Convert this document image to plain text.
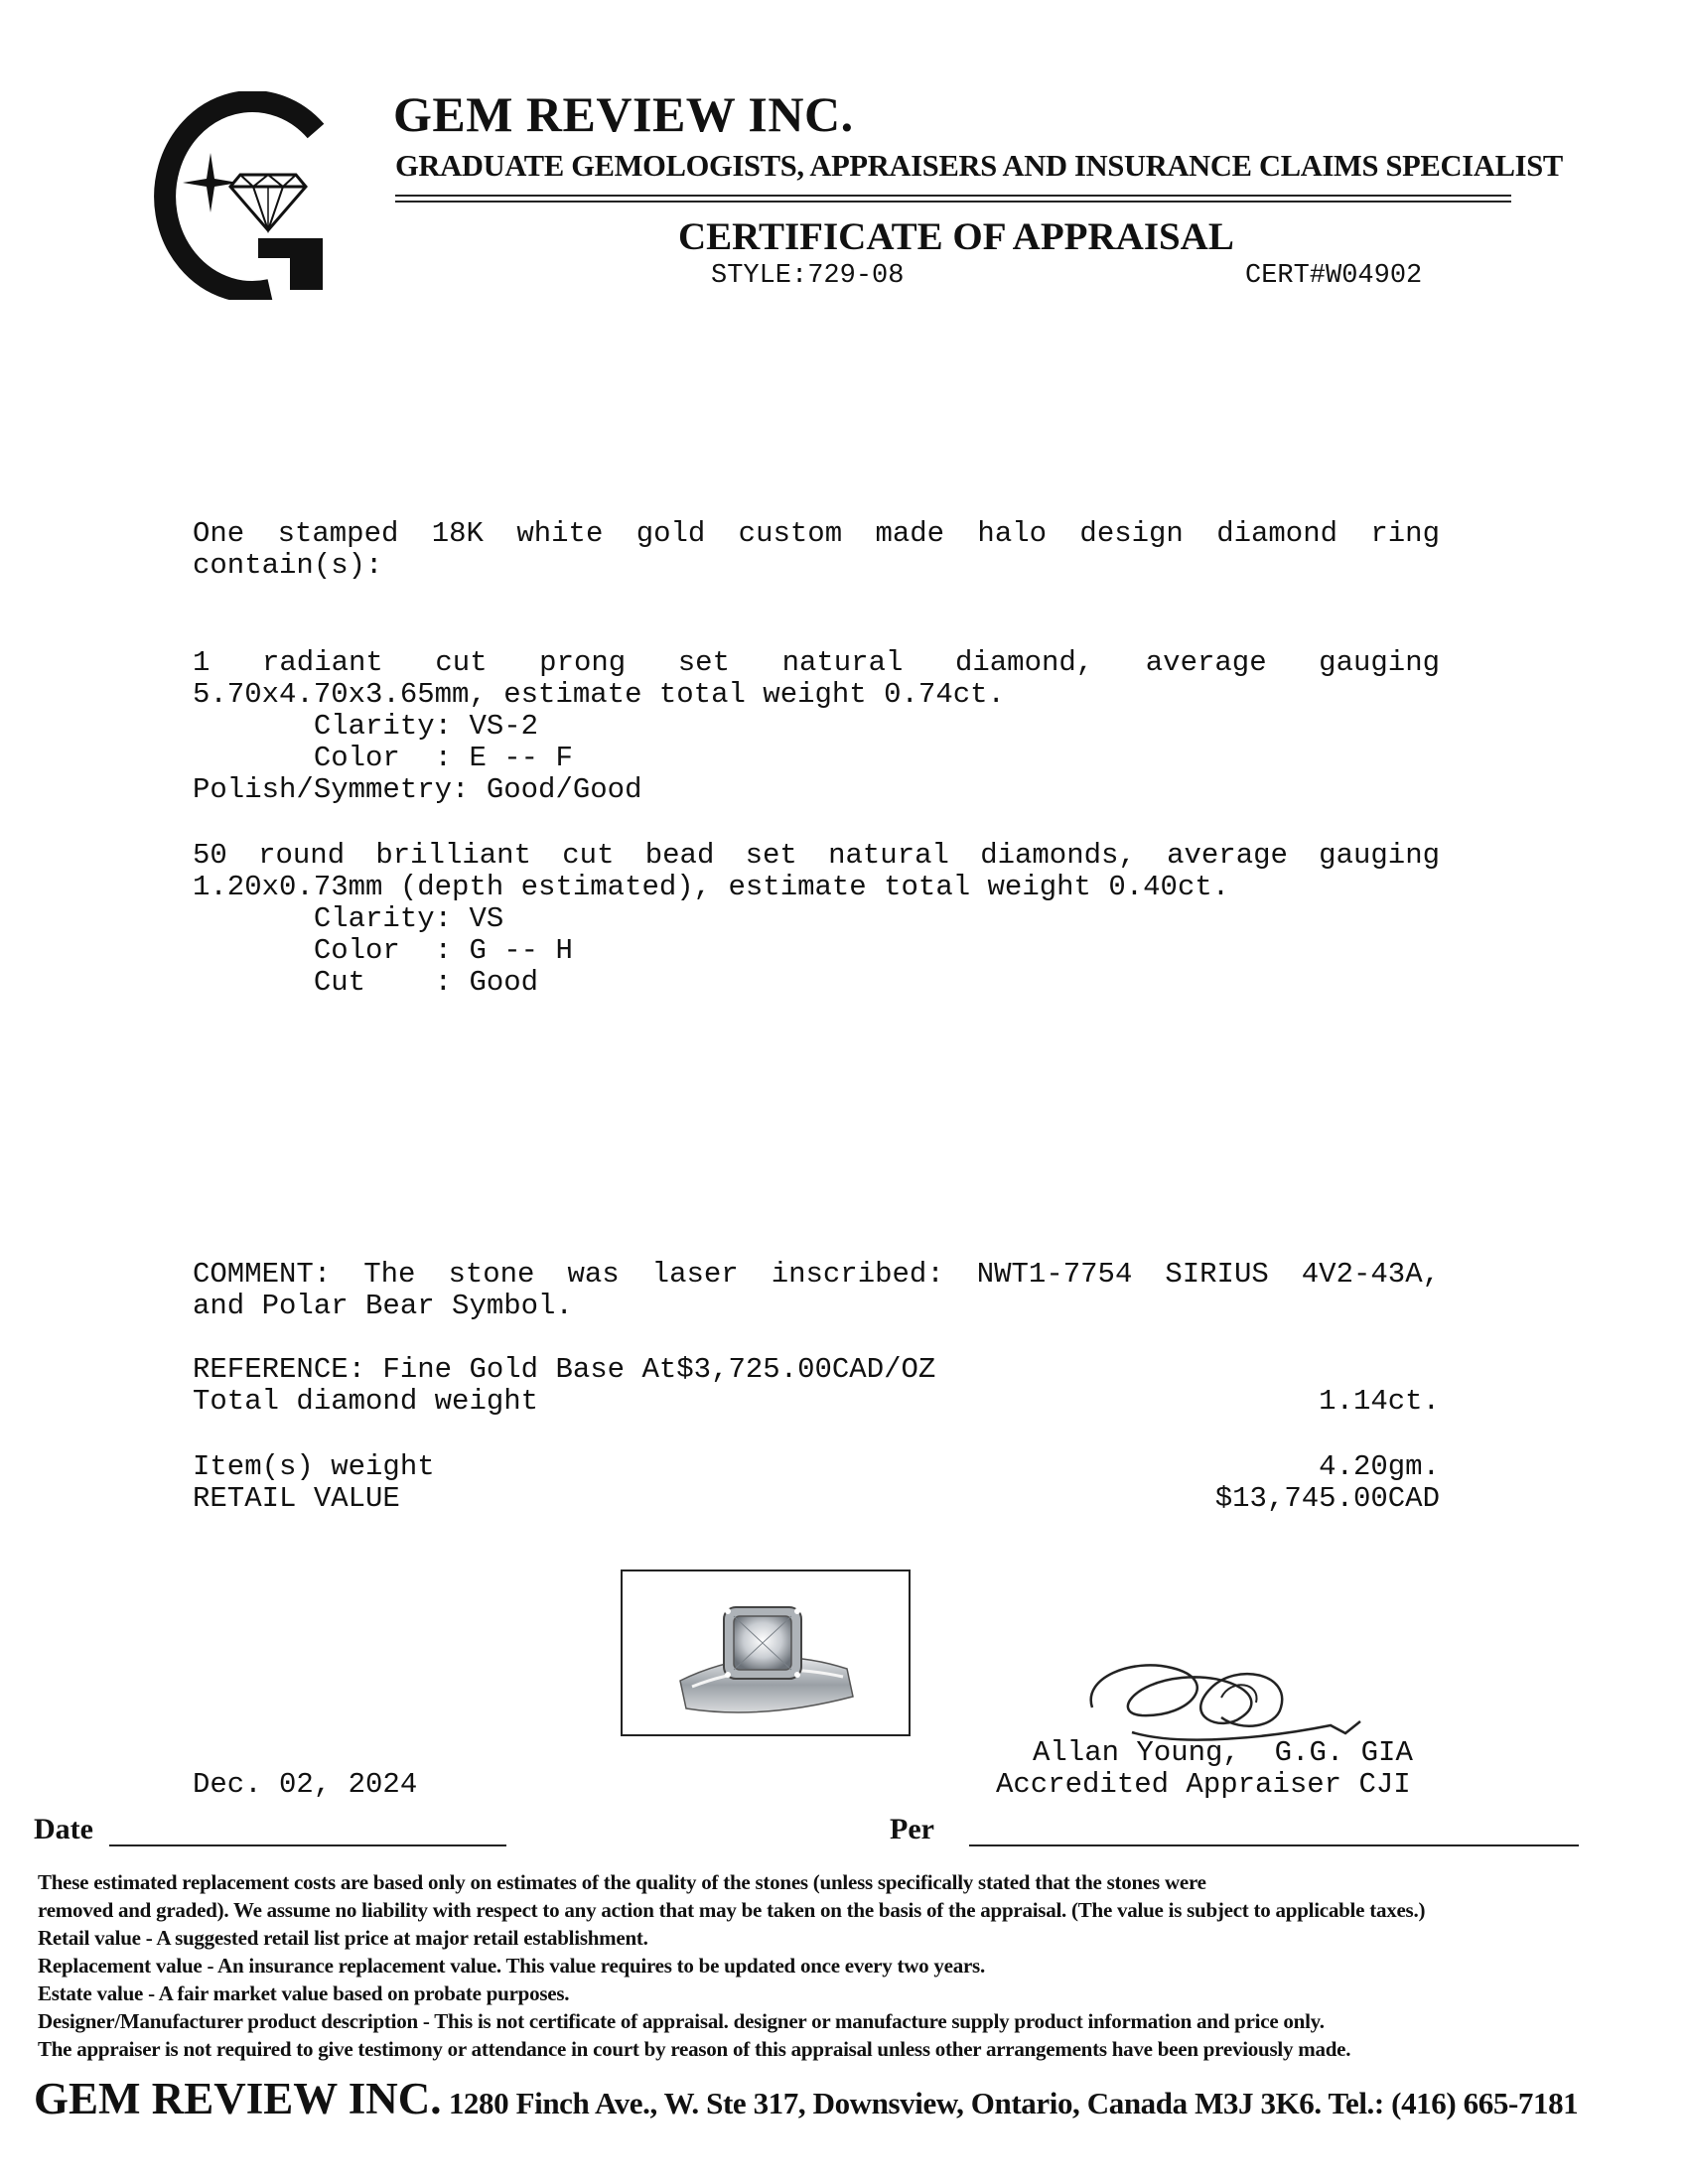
GEM REVIEW INC.
GRADUATE GEMOLOGISTS, APPRAISERS AND INSURANCE CLAIMS SPECIALIST
CERTIFICATE OF APPRAISAL
STYLE:729-08	CERT#W04902
One stamped 18K white gold custom made halo design diamond ring
contain(s):
1 radiant cut prong set natural diamond, average gauging
5.70x4.70x3.65mm, estimate total weight 0.74ct.
Clarity: VS-2
Color  : E -- F
Polish/Symmetry: Good/Good
50 round brilliant cut bead set natural diamonds, average gauging
1.20x0.73mm (depth estimated), estimate total weight 0.40ct.
Clarity: VS
Color  : G -- H
Cut    : Good
COMMENT: The stone was laser inscribed: NWT1-7754 SIRIUS 4V2-43A,
and Polar Bear Symbol.
REFERENCE: Fine Gold Base At$3,725.00CAD/OZ
Total diamond weight	1.14ct.
Item(s) weight	4.20gm.
RETAIL VALUE	$13,745.00CAD
Allan Young,  G.G. GIA
Accredited Appraiser CJI
Dec. 02, 2024
Date	Per
These estimated replacement costs are based only on estimates of the quality of the stones (unless specifically stated that the stones were
removed and graded). We assume no liability with respect to any action that may be taken on the basis of the appraisal. (The value is subject to applicable taxes.)
Retail value - A suggested retail list price at major retail establishment.
Replacement value - An insurance replacement value. This value requires to be updated once every two years.
Estate value - A fair market value based on probate purposes.
Designer/Manufacturer product description - This is not certificate of appraisal. designer or manufacture supply product information and price only.
The appraiser is not required to give testimony or attendance in court by reason of this appraisal unless other arrangements have been previously made.
GEM REVIEW INC. 1280 Finch Ave., W. Ste 317, Downsview, Ontario, Canada M3J 3K6. Tel.: (416) 665-7181
